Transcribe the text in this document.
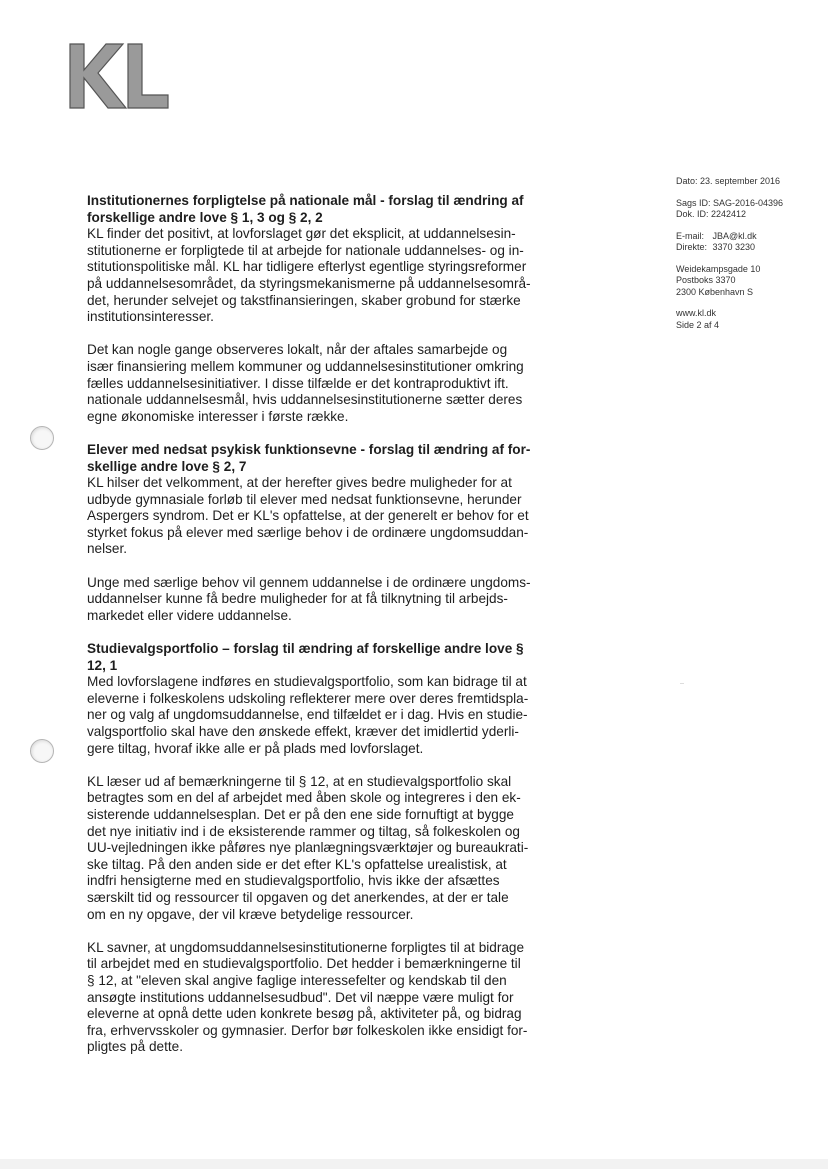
Dato: 23. september 2016
Sags ID: SAG-2016-04396
Dok. ID: 2242412
E-mail: JBA@kl.dk
Direkte: 3370 3230
Weidekampsgade 10
Postboks 3370
2300 København S
www.kl.dk
Side 2 af 4
Institutionernes forpligtelse på nationale mål - forslag til ændring af
forskellige andre love § 1, 3 og § 2, 2
KL finder det positivt, at lovforslaget gør det eksplicit, at uddannelsesin-
stitutionerne er forpligtede til at arbejde for nationale uddannelses- og in-
stitutionspolitiske mål. KL har tidligere efterlyst egentlige styringsreformer
på uddannelsesområdet, da styringsmekanismerne på uddannelsesområ-
det, herunder selvejet og takstfinansieringen, skaber grobund for stærke
institutionsinteresser.
Det kan nogle gange observeres lokalt, når der aftales samarbejde og
især finansiering mellem kommuner og uddannelsesinstitutioner omkring
fælles uddannelsesinitiativer. I disse tilfælde er det kontraproduktivt ift.
nationale uddannelsesmål, hvis uddannelsesinstitutionerne sætter deres
egne økonomiske interesser i første række.
Elever med nedsat psykisk funktionsevne - forslag til ændring af for-
skellige andre love § 2, 7
KL hilser det velkomment, at der herefter gives bedre muligheder for at
udbyde gymnasiale forløb til elever med nedsat funktionsevne, herunder
Aspergers syndrom. Det er KL's opfattelse, at der generelt er behov for et
styrket fokus på elever med særlige behov i de ordinære ungdomsuddan-
nelser.
Unge med særlige behov vil gennem uddannelse i de ordinære ungdoms-
uddannelser kunne få bedre muligheder for at få tilknytning til arbejds-
markedet eller videre uddannelse.
Studievalgsportfolio – forslag til ændring af forskellige andre love §
12, 1
Med lovforslagene indføres en studievalgsportfolio, som kan bidrage til at
eleverne i folkeskolens udskoling reflekterer mere over deres fremtidspla-
ner og valg af ungdomsuddannelse, end tilfældet er i dag. Hvis en studie-
valgsportfolio skal have den ønskede effekt, kræver det imidlertid yderli-
gere tiltag, hvoraf ikke alle er på plads med lovforslaget.
KL læser ud af bemærkningerne til § 12, at en studievalgsportfolio skal
betragtes som en del af arbejdet med åben skole og integreres i den ek-
sisterende uddannelsesplan. Det er på den ene side fornuftigt at bygge
det nye initiativ ind i de eksisterende rammer og tiltag, så folkeskolen og
UU-vejledningen ikke påføres nye planlægningsværktøjer og bureaukrati-
ske tiltag. På den anden side er det efter KL's opfattelse urealistisk, at
indfri hensigterne med en studievalgsportfolio, hvis ikke der afsættes
særskilt tid og ressourcer til opgaven og det anerkendes, at der er tale
om en ny opgave, der vil kræve betydelige ressourcer.
KL savner, at ungdomsuddannelsesinstitutionerne forpligtes til at bidrage
til arbejdet med en studievalgsportfolio. Det hedder i bemærkningerne til
§ 12, at "eleven skal angive faglige interessefelter og kendskab til den
ansøgte institutions uddannelsesudbud". Det vil næppe være muligt for
eleverne at opnå dette uden konkrete besøg på, aktiviteter på, og bidrag
fra, erhvervsskoler og gymnasier. Derfor bør folkeskolen ikke ensidigt for-
pligtes på dette.
